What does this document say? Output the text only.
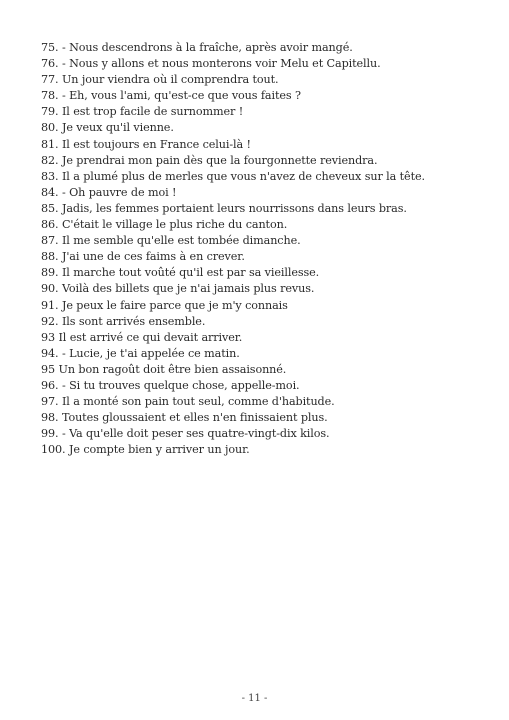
75. - Nous descendrons à la fraîche, après avoir mangé.
76. - Nous y allons et nous monterons voir Melu et Capitellu.
77. Un jour viendra où il comprendra tout.
78. - Eh, vous l'ami, qu'est-ce que vous faites ?
79. Il est trop facile de surnommer !
80. Je veux qu'il vienne.
81. Il est toujours en France celui-là !
82. Je prendrai mon pain dès que la fourgonnette reviendra.
83. Il a plumé plus de merles que vous n'avez de cheveux sur la tête.
84. - Oh pauvre de moi !
85. Jadis, les femmes portaient leurs nourrissons dans leurs bras.
86. C'était le village le plus riche du canton.
87. Il me semble qu'elle est tombée dimanche.
88. J'ai une de ces faims à en crever.
89. Il marche tout voûté qu'il est par sa vieillesse.
90. Voilà des billets que je n'ai jamais plus revus.
91. Je peux le faire parce que je m'y connais
92. Ils sont arrivés ensemble.
93 Il est arrivé ce qui devait arriver.
94. - Lucie, je t'ai appelée ce matin.
95 Un bon ragoût doit être bien assaisonné.
96. - Si tu trouves quelque chose, appelle-moi.
97. Il a monté son pain tout seul, comme d'habitude.
98. Toutes gloussaient et elles n'en finissaient plus.
99. - Va qu'elle doit peser ses quatre-vingt-dix kilos.
100. Je compte bien y arriver un jour.
- 11 -
